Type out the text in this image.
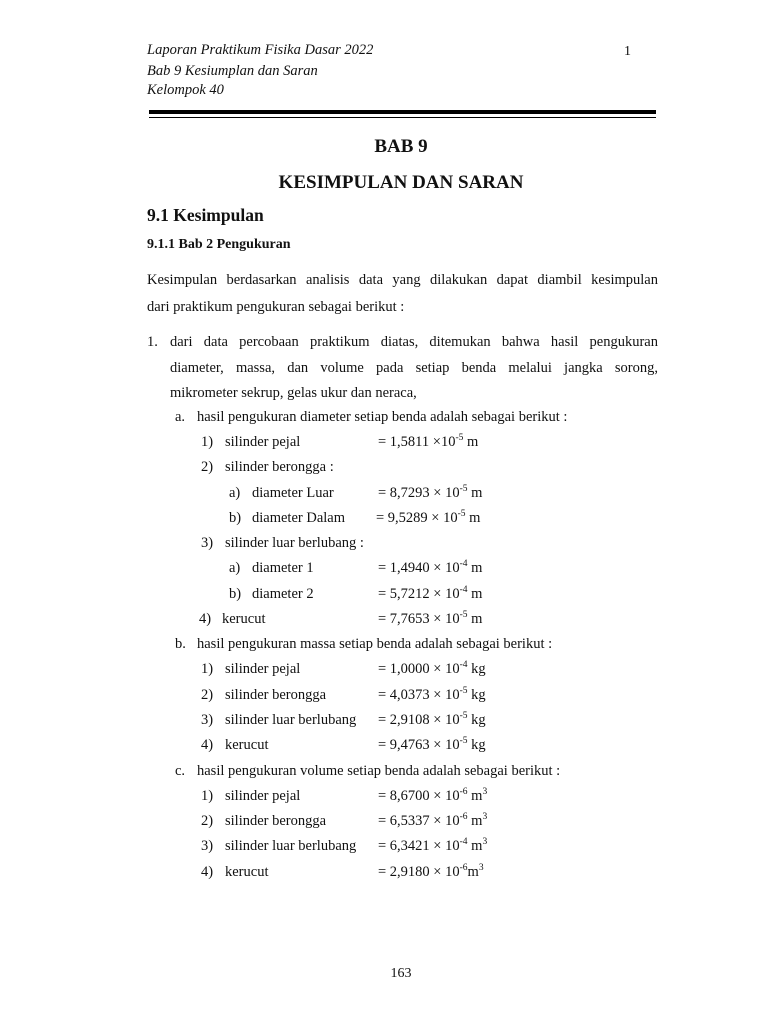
Laporan Praktikum Fisika Dasar 2022
Bab 9 Kesiumplan dan Saran
Kelompok 40
1
BAB 9
KESIMPULAN DAN SARAN
9.1 Kesimpulan
9.1.1 Bab 2 Pengukuran
Kesimpulan berdasarkan analisis data yang dilakukan dapat diambil kesimpulan
dari praktikum pengukuran sebagai berikut :
1. dari data percobaan praktikum diatas, ditemukan bahwa hasil pengukuran
diameter, massa, dan volume pada setiap benda melalui jangka sorong,
mikrometer sekrup, gelas ukur dan neraca,
a. hasil pengukuran diameter setiap benda adalah sebagai berikut :
1) silinder pejal	= $1,5811 \times 10^{-5}$ m
2) silinder berongga :
a) diameter Luar	= $8,7293 \times 10^{-5}$ m
b) diameter Dalam = $9,5289 \times 10^{-5}$ m
3) silinder luar berlubang :
a) diameter 1	= $1,4940 \times 10^{-4}$ m
b) diameter 2	= $5,7212 \times 10^{-4}$ m
4) kerucut	= $7,7653 \times 10^{-5}$ m
b. hasil pengukuran massa setiap benda adalah sebagai berikut :
1) silinder pejal	= $1,0000 \times 10^{-4}$ kg
2) silinder berongga	= $4,0373 \times 10^{-5}$ kg
3) silinder luar berlubang = $2,9108 \times 10^{-5}$ kg
4) kerucut	= $9,4763 \times 10^{-5}$ kg
c. hasil pengukuran volume setiap benda adalah sebagai berikut :
1) silinder pejal	= $8,6700 \times 10^{-6}$ $m^3$
2) silinder berongga	= $6,5337 \times 10^{-6}$ $m^3$
3) silinder luar berlubang = $6,3421 \times 10^{-4}$ $m^3$
4) kerucut	= $2,9180 \times 10^{-6}m^3$
163
